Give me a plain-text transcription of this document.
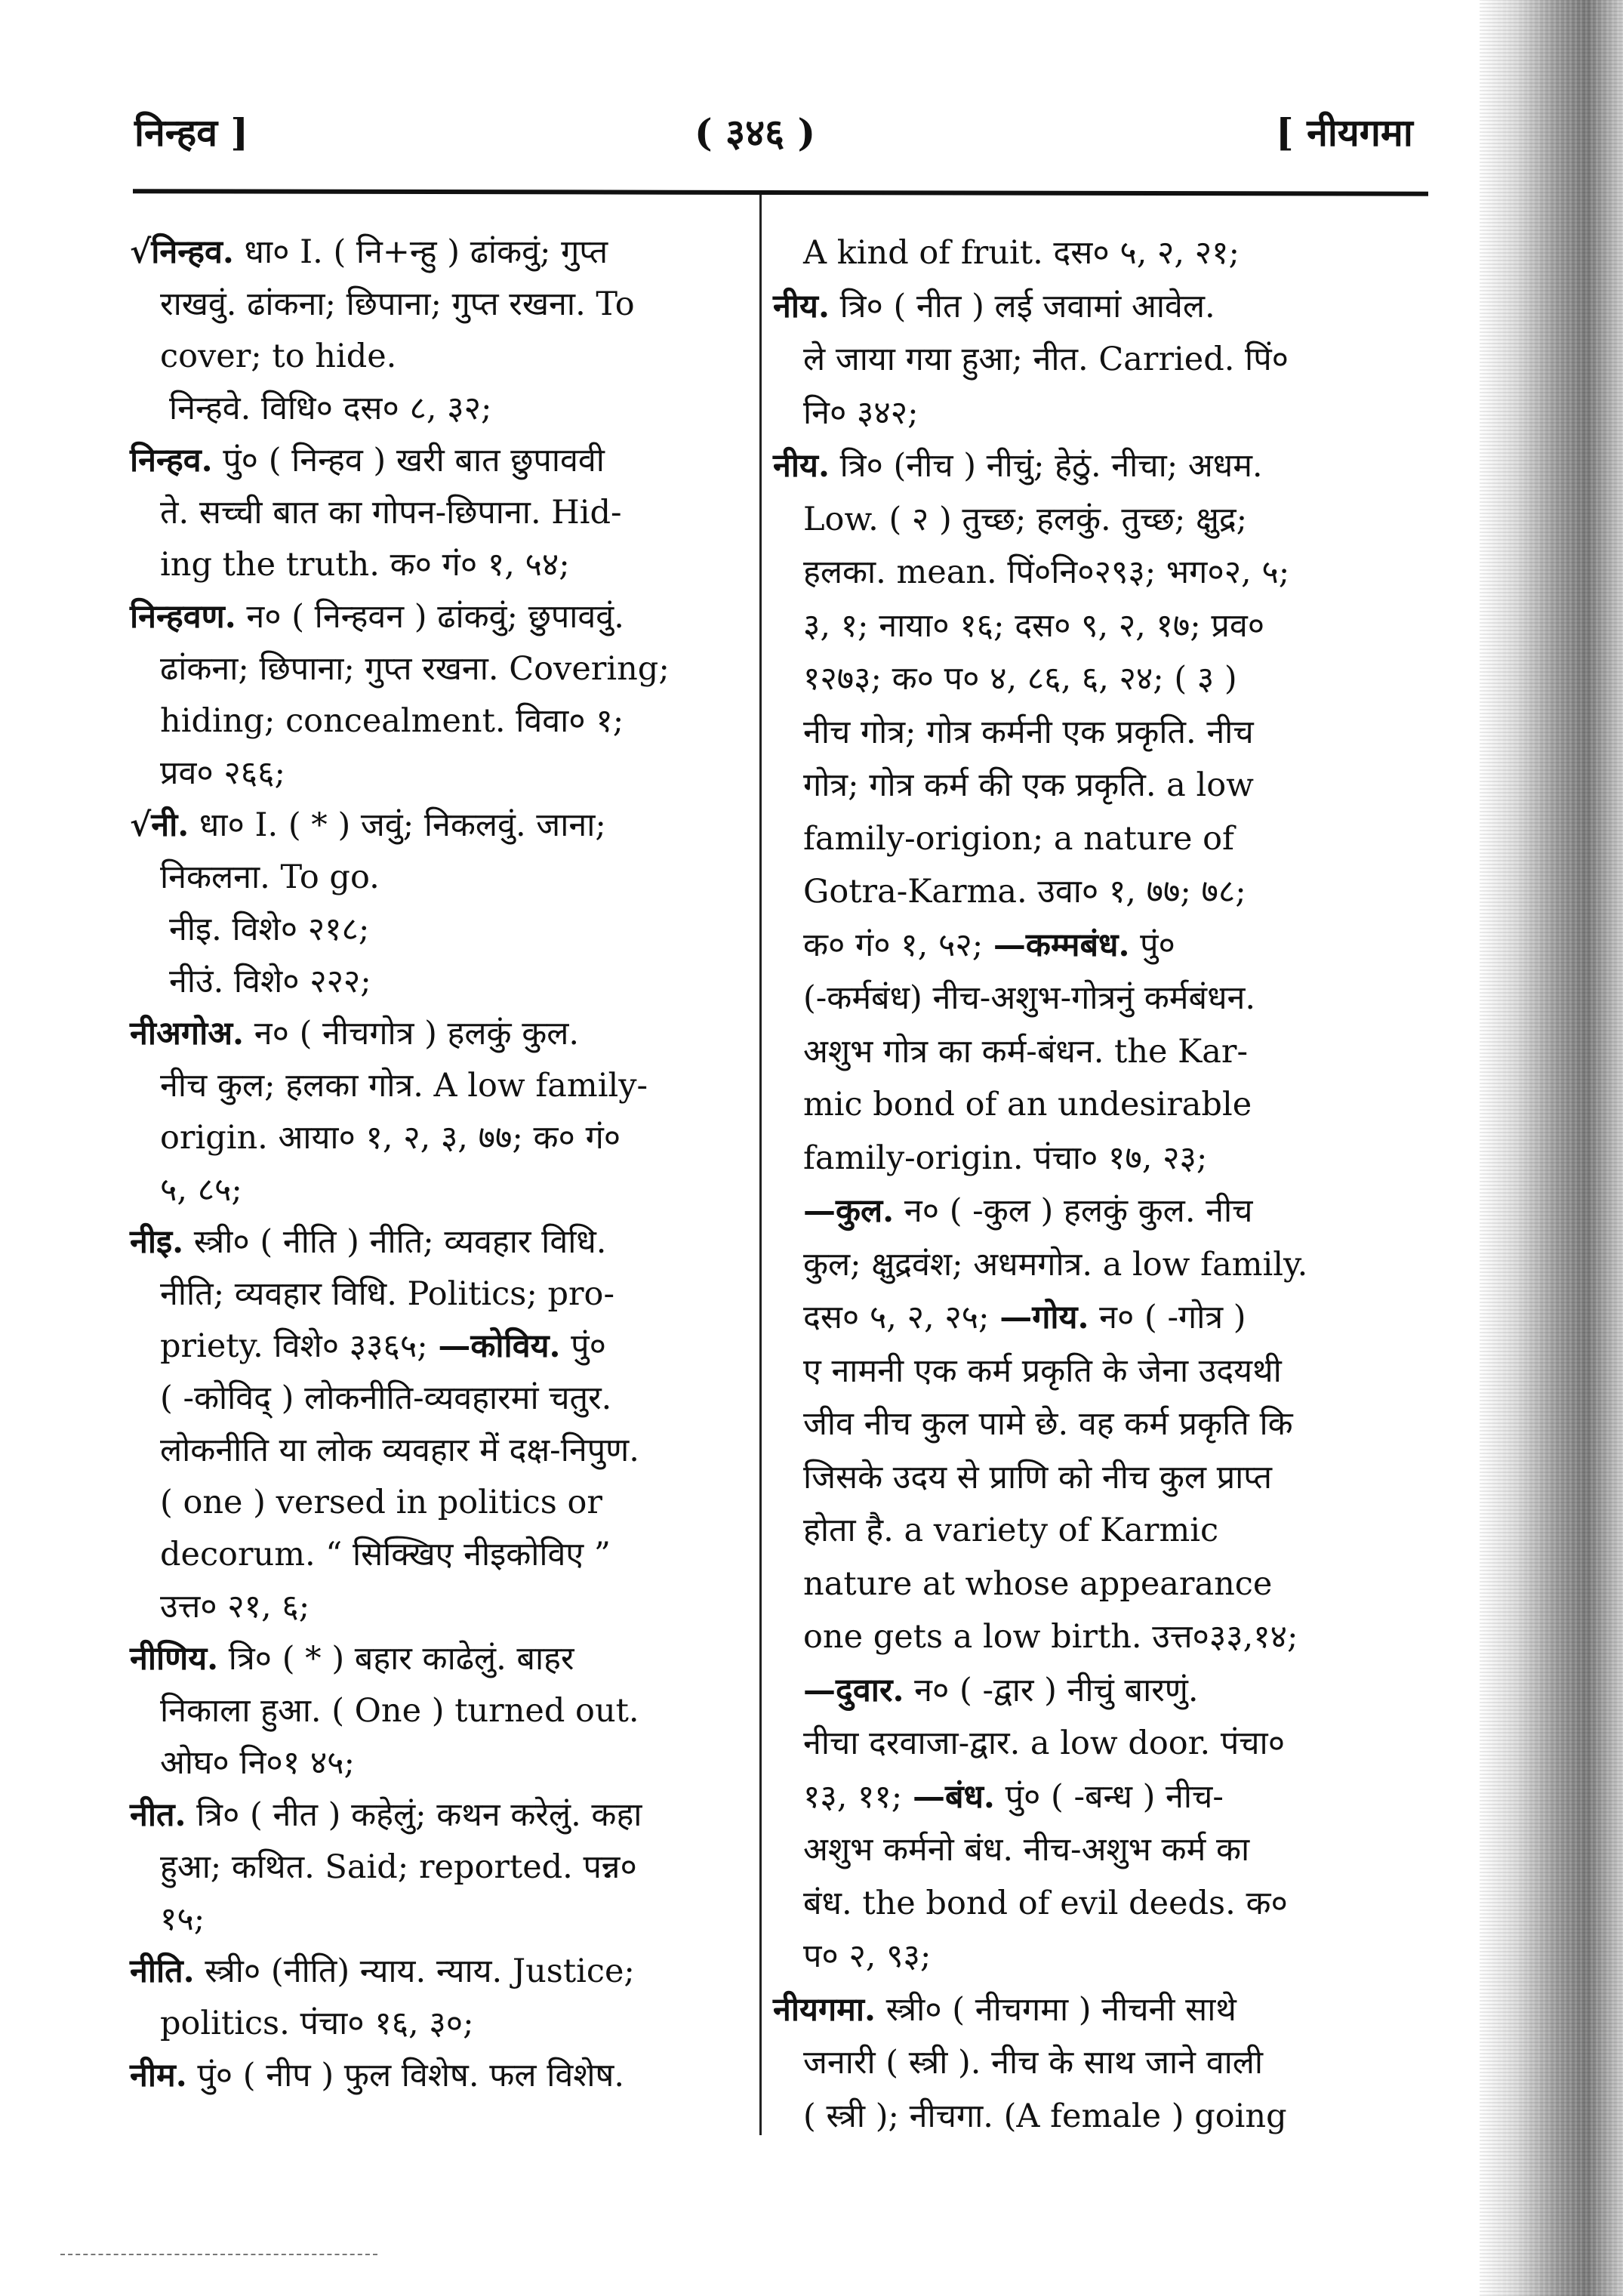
निन्हव ]	( ३४६ )	[ नीयगमा
√निन्हव. धा० I. ( नि+न्हु ) ढांकवुं; गुप्त
राखवुं. ढांकना; छिपाना; गुप्त रखना. To
cover; to hide.
निन्हवे. विधि० दस० ८, ३२;
निन्हव. पुं० ( निन्हव ) खरी बात छुपाववी
ते. सच्ची बात का गोपन-छिपाना. Hid-
ing the truth. क० गं० १, ५४;
निन्हवण. न० ( निन्हवन ) ढांकवुं; छुपाववुं.
ढांकना; छिपाना; गुप्त रखना. Covering;
hiding; concealment. विवा० १;
प्रव० २६६;
√नी. धा० I. ( * ) जवुं; निकलवुं. जाना;
निकलना. To go.
नीइ. विशे० २१८;
नीउं. विशे० २२२;
नीअगोअ. न० ( नीचगोत्र ) हलकुं कुल.
नीच कुल; हलका गोत्र. A low family-
origin. आया० १, २, ३, ७७; क० गं०
५, ८५;
नीइ. स्त्री० ( नीति ) नीति; व्यवहार विधि.
नीति; व्यवहार विधि. Politics; pro-
priety. विशे० ३३६५; —कोविय. पुं०
( -कोविद् ) लोकनीति-व्यवहारमां चतुर.
लोकनीति या लोक व्यवहार में दक्ष-निपुण.
( one ) versed in politics or
decorum. “ सिक्खिए नीइकोविए ”
उत्त० २१, ६;
नीणिय. त्रि० ( * ) बहार काढेलुं. बाहर
निकाला हुआ. ( One ) turned out.
ओघ० नि०१ ४५;
नीत. त्रि० ( नीत ) कहेलुं; कथन करेलुं. कहा
हुआ; कथित. Said; reported. पन्न०
१५;
नीति. स्त्री० (नीति) न्याय. न्याय. Justice;
politics. पंचा० १६, ३०;
नीम. पुं० ( नीप ) फुल विशेष. फल विशेष.
A kind of fruit. दस० ५, २, २१;
नीय. त्रि० ( नीत ) लई जवामां आवेल.
ले जाया गया हुआ; नीत. Carried. पिं०
नि० ३४२;
नीय. त्रि० (नीच ) नीचुं; हेठुं. नीचा; अधम.
Low. ( २ ) तुच्छ; हलकुं. तुच्छ; क्षुद्र;
हलका. mean. पिं०नि०२९३; भग०२, ५;
३, १; नाया० १६; दस० ९, २, १७; प्रव०
१२७३; क० प० ४, ८६, ६, २४; ( ३ )
नीच गोत्र; गोत्र कर्मनी एक प्रकृति. नीच
गोत्र; गोत्र कर्म की एक प्रकृति. a low
family-origion; a nature of
Gotra-Karma. उवा० १, ७७; ७८;
क० गं० १, ५२; —कम्मबंध. पुं०
(-कर्मबंध) नीच-अशुभ-गोत्रनुं कर्मबंधन.
अशुभ गोत्र का कर्म-बंधन. the Kar-
mic bond of an undesirable
family-origin. पंचा० १७, २३;
—कुल. न० ( -कुल ) हलकुं कुल. नीच
कुल; क्षुद्रवंश; अधमगोत्र. a low family.
दस० ५, २, २५; —गोय. न० ( -गोत्र )
ए नामनी एक कर्म प्रकृति के जेना उदयथी
जीव नीच कुल पामे छे. वह कर्म प्रकृति कि
जिसके उदय से प्राणि को नीच कुल प्राप्त
होता है. a variety of Karmic
nature at whose appearance
one gets a low birth. उत्त०३३,१४;
—दुवार. न० ( -द्वार ) नीचुं बारणुं.
नीचा दरवाजा-द्वार. a low door. पंचा०
१३, ११; —बंध. पुं० ( -बन्ध ) नीच-
अशुभ कर्मनो बंध. नीच-अशुभ कर्म का
बंध. the bond of evil deeds. क०
प० २, ९३;
नीयगमा. स्त्री० ( नीचगमा ) नीचनी साथे
जनारी ( स्त्री ). नीच के साथ जाने वाली
( स्त्री ); नीचगा. (A female ) going
